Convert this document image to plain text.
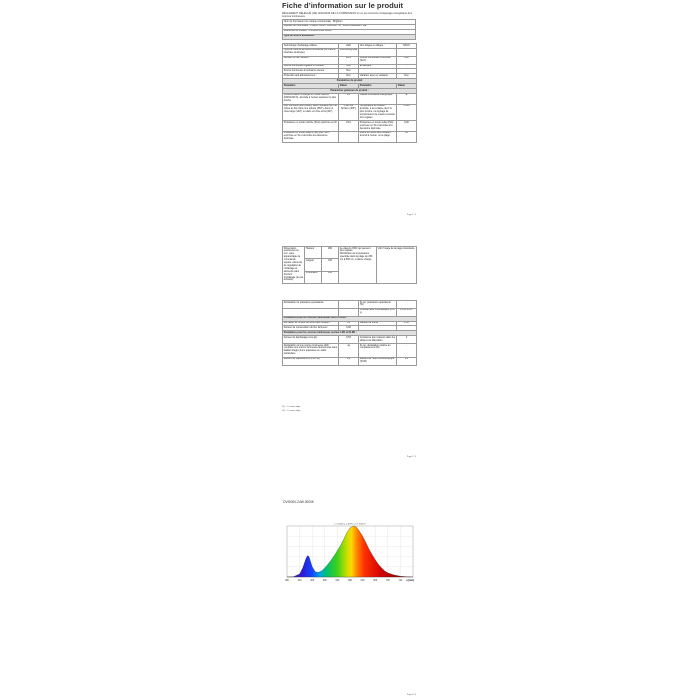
Fiche d’information sur le produit
RÈGLEMENT DÉLÉGUÉ (UE) 2019/2015 DE LA COMMISSION en ce qui concerne l’étiquetage énergétique des sources lumineuses
Nom du fournisseur ou marque commerciale : Brightsm
Adresse du fournisseur : Prolicht GmbH, Brehmstr. 56 , 40239 Düsseldorf, DE
Référence du modèle : OVIS00V-24W-3000K
Type de source lumineuse :
Technologie d’éclairage utilisée :	LED	Non dirigée ou dirigée :	NDLS
Type de culot de la source lumineuse (ou d’autre interface électrique)	Connecting lead		
Secteur ou non secteur :	MLS	Source lumineuse connectée (SLC) :	Non
Source lumineuse réglable en couleur :	Non	Enveloppe :	-
Source lumineuse à luminance élevée :	Non		
Protection anti-éblouissement :	Non	Variation avec un variateur :	Non
Paramètres du produit			
Paramètre	Valeur	Paramètre	Valeur
Paramètres généraux du produit :			
Consommation d’énergie en mode marche (kWh/1000 h), arrondie à l’entier supérieur le plus proche	24	Classe d’efficacité énergétique	E
Flux lumineux utile (Φuse), avec indication qu’il se réfère au flux dans une sphère (360°), dans un cône large (120°) ou dans un cône étroit (90°)	1 920 sur Sphère (360°)	Température de couleur, arrondie, à la centaine de K la plus proche, ou la plage de températures de couleur pouvant être réglées	3 000
Puissance en mode marche (Pon) exprimée en W	24,0	Puissance en mode veille (Psb) exprimée en W et arrondie à la deuxième décimale	0,00
Puissance en mode veille (Pnet) pour SLC, exprimée en W et arrondie à la deuxième décimale	-	Indice du rendu des couleurs, arrondi à l’entier, ou la plage	85
Page 1 / 3
Dimensions extérieures en mm, sans appareillage de commande séparé, éléments de régulation de l’éclairage et éléments sans fonction d’éclairage (le cas échéant)	Hauteur	260	de valeurs d’IRC qui peuvent être réglées
Distribution de la puissance spectrale dans la plage de 250 nm à 800 nm, à pleine charge	Voir l’image de la page précédente
	Largeur	125		
	Profondeur	150		
Déclaration de puissance équivalente	-	Si oui, puissance équivalente (W)	-
		Coordonnées chromatiques (x et y)	0,415 0,397
Paramètres pour les sources lumineuses LED et OLED :			
Ra valeur de l’indice de rendu des couleurs	19	Facteur de survie	1,00
Facteur de conservation du flux lumineux	0,90		
Paramètres pour les sources lumineuses secteur LED et OLED :			
Facteur de déphasage (cos φ1)	0,53	Constance des couleurs dans les ellipses de MacAdam	3
Déclaration qu’une source lumineuse LED remplace une source lumineuse fluorescente sans ballast intégré d’une puissance en watts particulière	-a)	Si oui, déclaration relative au remplacement (W)	-
Mesure du papillotement (Pst LM)	0,4	Mesure de l’effet stroboscopique (SVM)	0,3
(1) : «-» sans objet ;
(2) : «-» sans objet ;
Page 2 / 3
OVIS00V-24W-3000K
380	420	460	500	540	580	620	660	700	740
x: 0.4150 y: 0.3970 CCT: 3000 K
λ(nm)
Page 3 / 3
